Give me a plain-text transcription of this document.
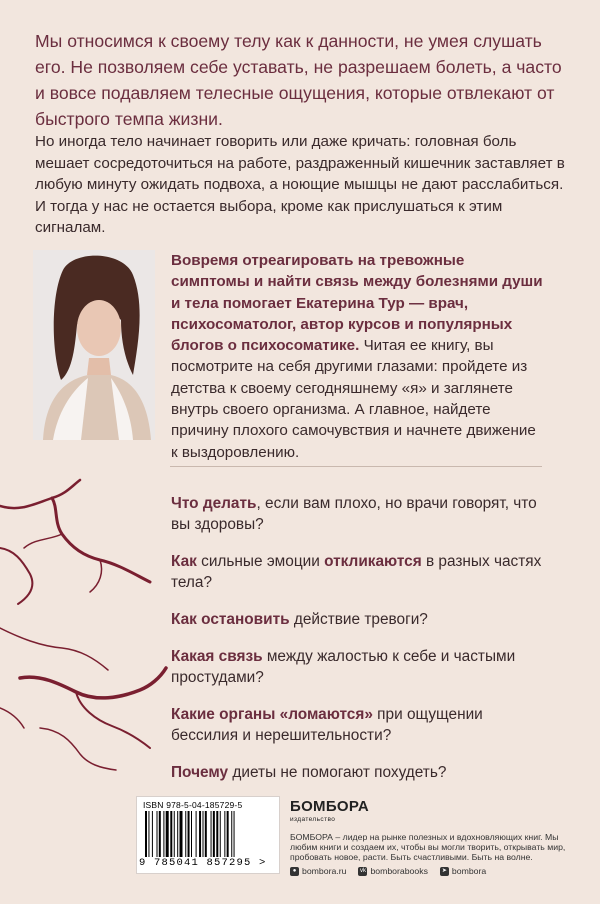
Мы относимся к своему телу как к данности, не умея слушать его. Не позволяем себе уставать, не разрешаем болеть, а часто и вовсе подавляем телесные ощущения, которые отвлекают от быстрого темпа жизни.
Но иногда тело начинает говорить или даже кричать: головная боль мешает сосредоточиться на работе, раздраженный кишечник заставляет в любую минуту ожидать подвоха, а ноющие мышцы не дают расслабиться. И тогда у нас не остается выбора, кроме как прислушаться к этим сигналам.
Вовремя отреагировать на тревожные симптомы и найти связь между болезнями души и тела помогает Екатерина Тур — врач, психосоматолог, автор курсов и популярных блогов о психосоматике. Читая ее книгу, вы посмотрите на себя другими глазами: пройдете из детства к своему сегодняшнему «я» и заглянете внутрь своего организма. А главное, найдете причину плохого самочувствия и начнете движение к выздоровлению.
Что делать, если вам плохо, но врачи говорят, что вы здоровы?
Как сильные эмоции откликаются в разных частях тела?
Как остановить действие тревоги?
Какая связь между жалостью к себе и частыми простудами?
Какие органы «ломаются» при ощущении бессилия и нерешительности?
Почему диеты не помогают похудеть?
ISBN 978-5-04-185729-5
9 785041 857295 >
БОМБОРА
издательство
БОМБОРА – лидер на рынке полезных и вдохновляющих книг. Мы любим книги и создаем их, чтобы вы могли творить, открывать мир, пробовать новое, расти. Быть счастливыми. Быть на волне.
● bombora.ru vk bomborabooks	➤ bombora
